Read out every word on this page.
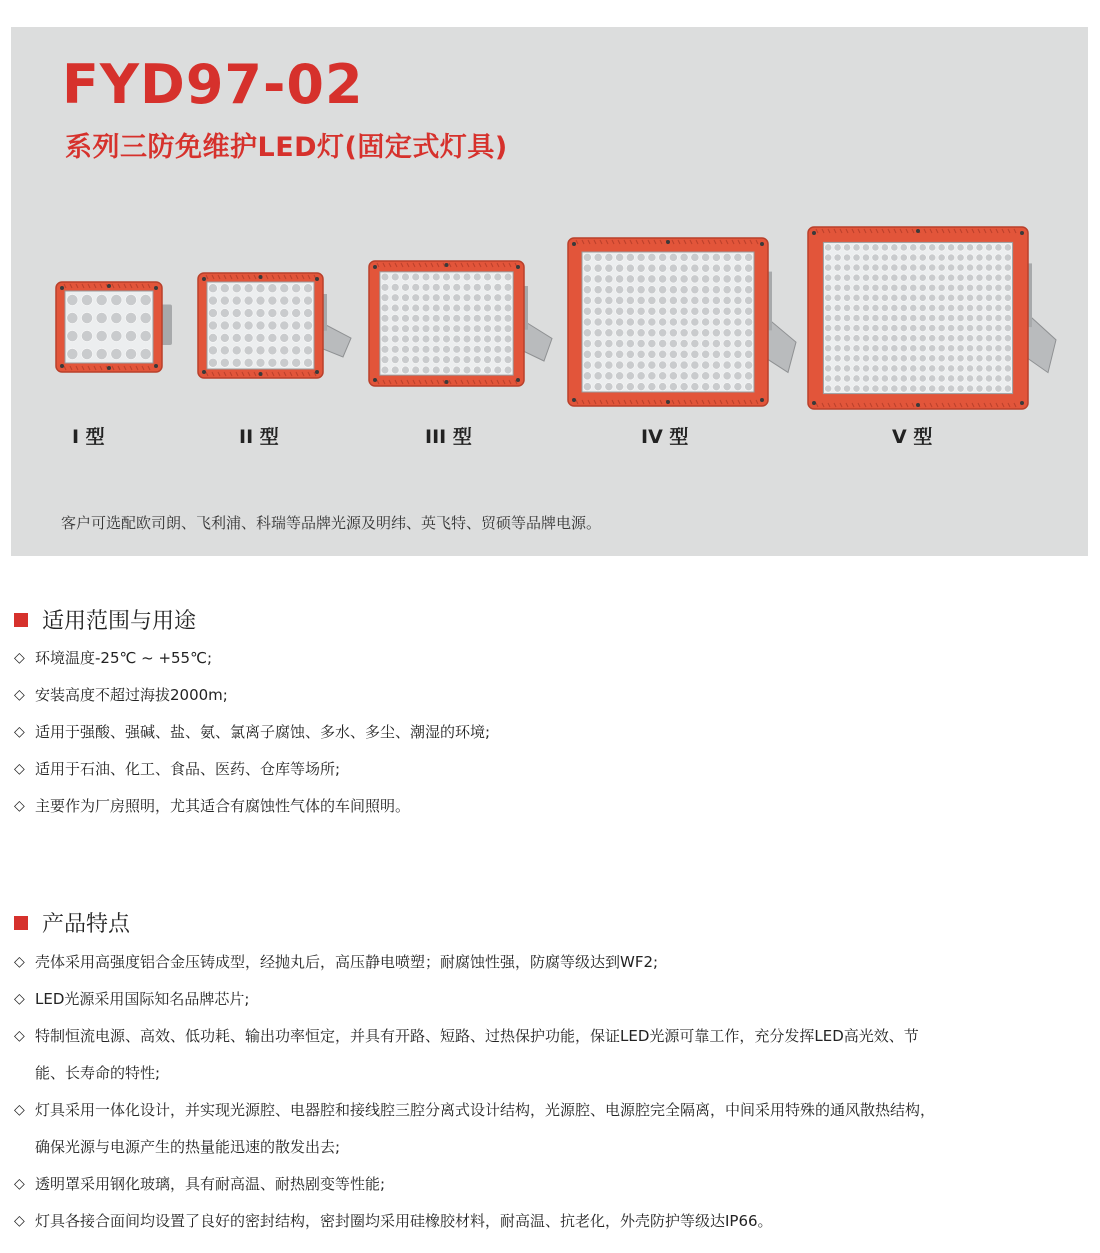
FYD97-02
系列三防免维护LED灯(固定式灯具)
Ⅰ 型	II 型	III 型	IV 型	V 型
客户可选配欧司朗、飞利浦、科瑞等品牌光源及明纬、英飞特、贸硕等品牌电源。
适用范围与用途
◇ 环境温度-25℃ ~ +55℃;
◇ 安装高度不超过海拔2000m;
◇ 适用于强酸、强碱、盐、氨、氯离子腐蚀、多水、多尘、潮湿的环境;
◇ 适用于石油、化工、食品、医药、仓库等场所;
◇ 主要作为厂房照明，尤其适合有腐蚀性气体的车间照明。
产品特点
◇ 壳体采用高强度铝合金压铸成型，经抛丸后，高压静电喷塑；耐腐蚀性强，防腐等级达到WF2;
◇ LED光源采用国际知名品牌芯片;
◇ 特制恒流电源、高效、低功耗、输出功率恒定，并具有开路、短路、过热保护功能，保证LED光源可靠工作，充分发挥LED高光效、节
能、长寿命的特性;
◇ 灯具采用一体化设计，并实现光源腔、电器腔和接线腔三腔分离式设计结构，光源腔、电源腔完全隔离，中间采用特殊的通风散热结构，
确保光源与电源产生的热量能迅速的散发出去;
◇ 透明罩采用钢化玻璃，具有耐高温、耐热剧变等性能;
◇ 灯具各接合面间均设置了良好的密封结构，密封圈均采用硅橡胶材料，耐高温、抗老化，外壳防护等级达IP66。
